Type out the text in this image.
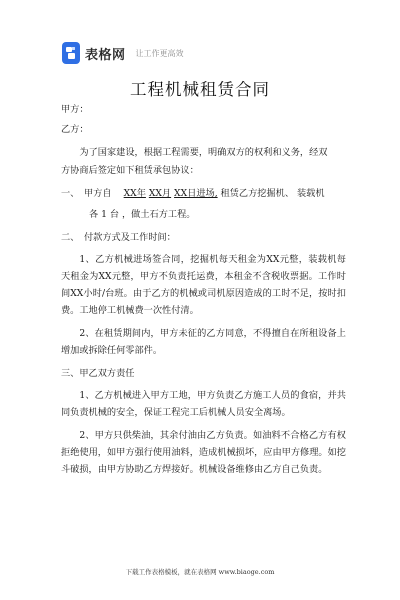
表格网 让工作更高效
工程机械租赁合同
甲方：
乙方：
为了国家建设，根据工程需要，明确双方的权利和义务，经双
方协商后签定如下租赁承包协议：
一、　甲方自　 XX年 XX月 XX日进场, 租赁乙方挖掘机、 装载机
各 1 台 ，做土石方工程。
二、　付款方式及工作时间：
1、乙方机械进场签合同，挖掘机每天租金为XX元整，装载机每天租金为XX元整，甲方不负责托运费，本租金不含税收票据。工作时间XX小时/台班。由于乙方的机械或司机原因造成的工时不足，按时扣费。工地停工机械费一次性付清。
2、在租赁期间内，甲方未征的乙方同意，不得擅自在所租设备上增加或拆除任何零部件。
三、甲乙双方责任
1、乙方机械进入甲方工地，甲方负责乙方施工人员的食宿，并共同负责机械的安全，保证工程完工后机械人员安全离场。
2、甲方只供柴油，其余付油由乙方负责。如油料不合格乙方有权拒绝使用，如甲方强行使用油料，造成机械损坏，应由甲方修理。如挖斗破损，由甲方协助乙方焊接好。机械设备维修由乙方自己负责。
下载工作表格模板，就在表格网 www.biaoge.com
